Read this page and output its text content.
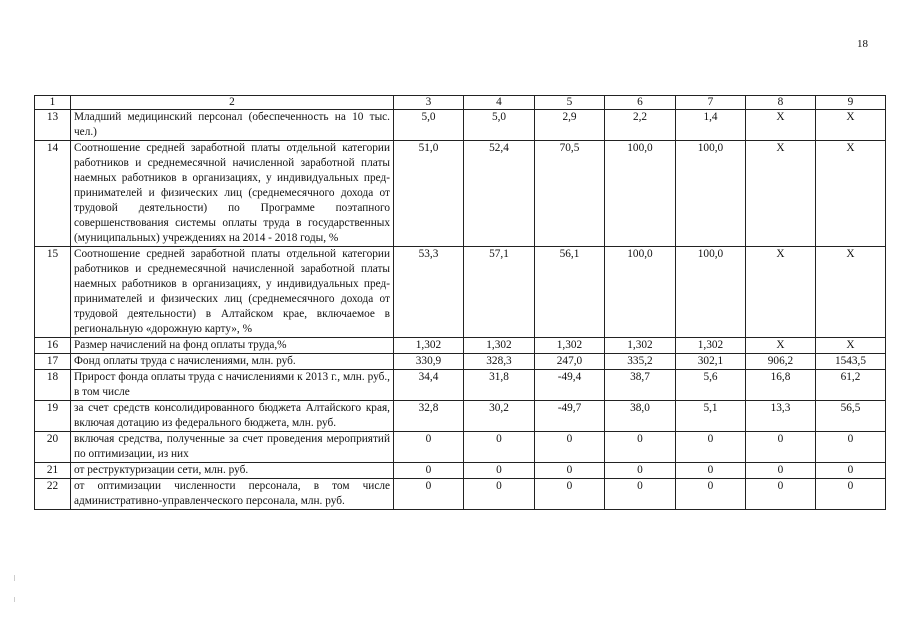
18
1	2	3	4	5	6	7	8	9
13	Младший медицинский персонал (обеспеченность на 10 тыс. чел.)	5,0	5,0	2,9	2,2	1,4	Х	Х
14	Соотношение средней заработной платы отдельной категории работников и среднемесячной начисленной заработной платы наемных работников в организациях, у индивидуальных предпринимателей и физических лиц (среднемесячного дохода от трудовой деятельности) по Программе поэтапного совершенствования системы оплаты труда в государственных (муниципальных) учреждениях на 2014 - 2018 годы, %	51,0	52,4	70,5	100,0	100,0	Х	Х
15	Соотношение средней заработной платы отдельной категории работников и среднемесячной начисленной заработной платы наемных работников в организациях, у индивидуальных предпринимателей и физических лиц (среднемесячного дохода от трудовой деятельности) в Алтайском крае, включаемое в региональную «дорожную карту», %	53,3	57,1	56,1	100,0	100,0	Х	Х
16	Размер начислений на фонд оплаты труда,%	1,302	1,302	1,302	1,302	1,302	Х	Х
17	Фонд оплаты труда с начислениями, млн. руб.	330,9	328,3	247,0	335,2	302,1	906,2	1543,5
18	Прирост фонда оплаты труда с начислениями к 2013 г., млн. руб., в том числе	34,4	31,8	-49,4	38,7	5,6	16,8	61,2
19	за счет средств консолидированного бюджета Алтайского края, включая дотацию из федерального бюджета, млн. руб.	32,8	30,2	-49,7	38,0	5,1	13,3	56,5
20	включая средства, полученные за счет проведения мероприятий по оптимизации, из них	0	0	0	0	0	0	0
21	от реструктуризации сети, млн. руб.	0	0	0	0	0	0	0
22	от оптимизации численности персонала, в том числе административно-управленческого персонала, млн. руб.	0	0	0	0	0	0	0
